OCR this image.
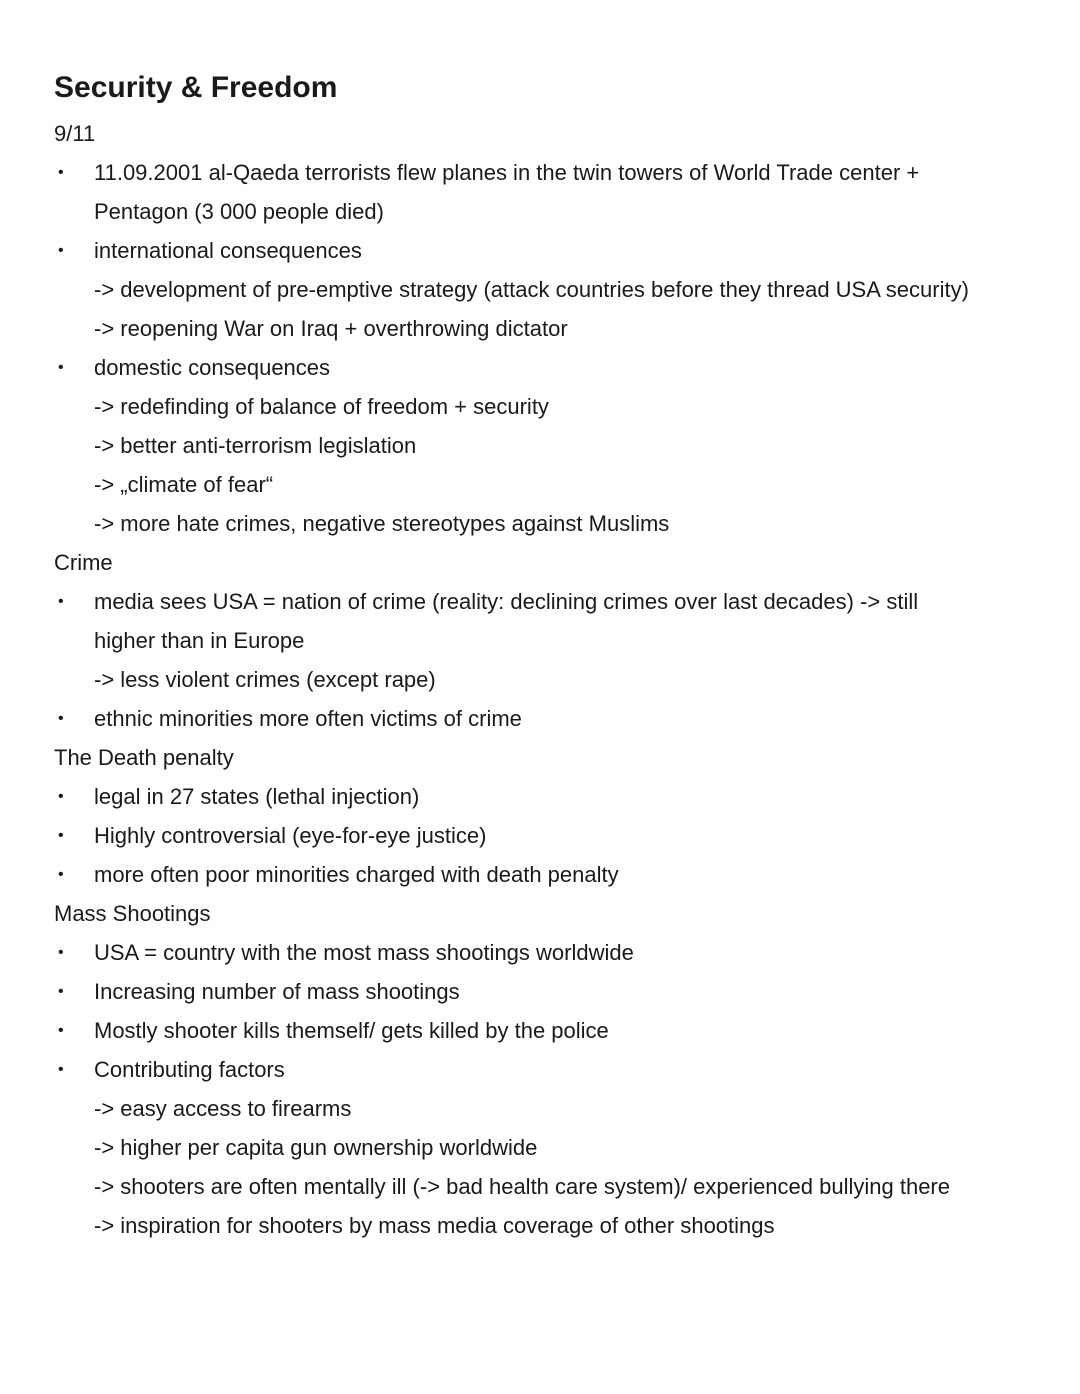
Security & Freedom
9/11
• 11.09.2001 al-Qaeda terrorists flew planes in the twin towers of World Trade center +
Pentagon (3 000 people died)
• international consequences
-> development of pre-emptive strategy (attack countries before they thread USA security)
-> reopening War on Iraq + overthrowing dictator
• domestic consequences
-> redefinding of balance of freedom + security
-> better anti-terrorism legislation
-> „climate of fear“
-> more hate crimes, negative stereotypes against Muslims
Crime
• media sees USA = nation of crime (reality: declining crimes over last decades) -> still
higher than in Europe
-> less violent crimes (except rape)
• ethnic minorities more often victims of crime
The Death penalty
• legal in 27 states (lethal injection)
• Highly controversial (eye-for-eye justice)
• more often poor minorities charged with death penalty
Mass Shootings
• USA = country with the most mass shootings worldwide
• Increasing number of mass shootings
• Mostly shooter kills themself/ gets killed by the police
• Contributing factors
-> easy access to firearms
-> higher per capita gun ownership worldwide
-> shooters are often mentally ill (-> bad health care system)/ experienced bullying there
-> inspiration for shooters by mass media coverage of other shootings
